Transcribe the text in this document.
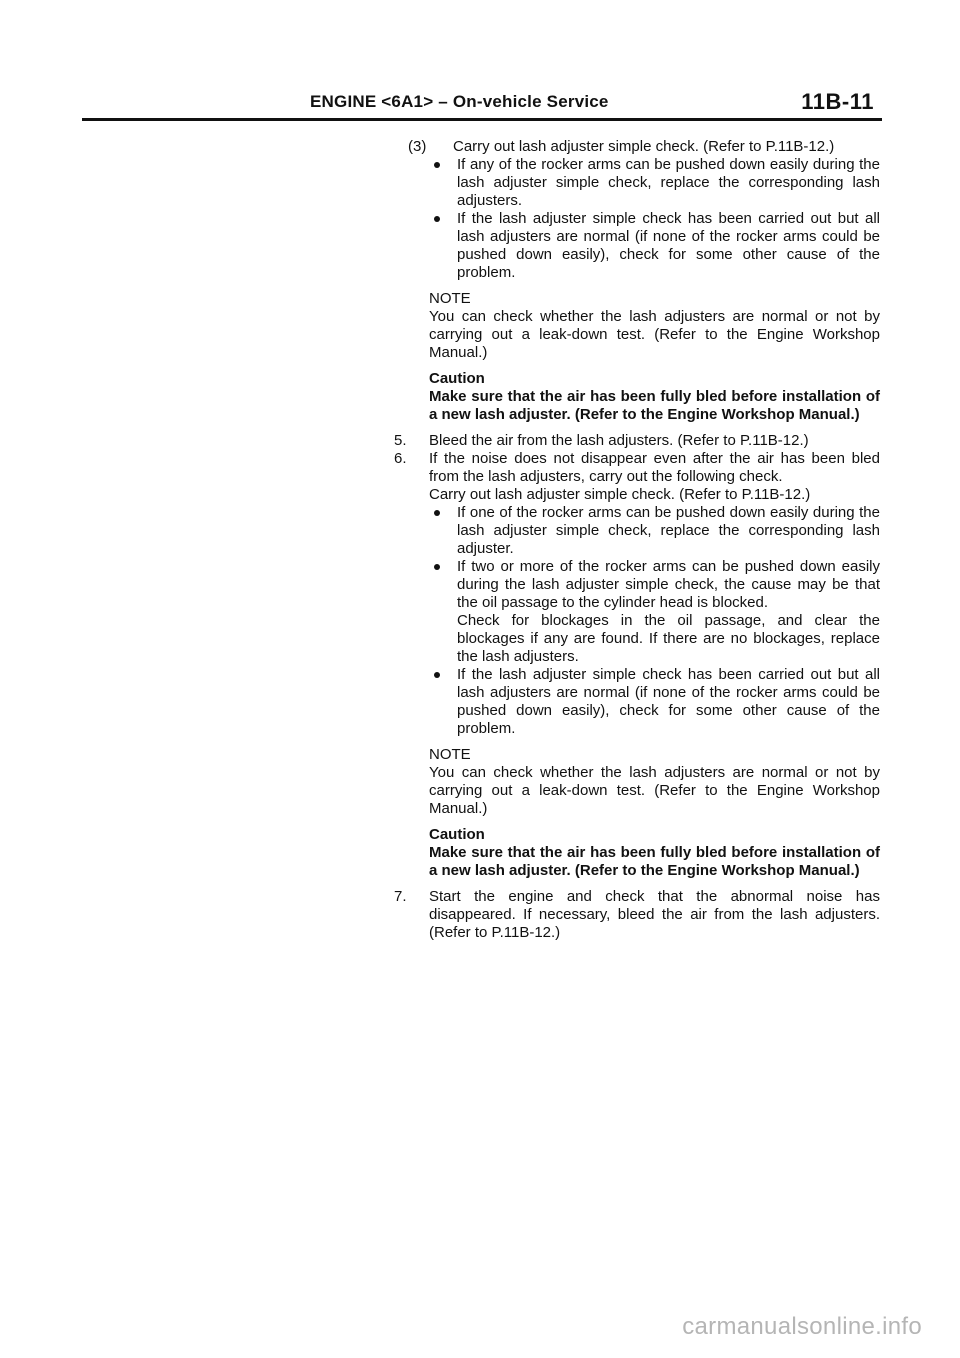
ENGINE <6A1> – On-vehicle Service	11B-11
(3)	Carry out lash adjuster simple check. (Refer to P.11B-12.)

If any of the rocker arms can be pushed down easily during the lash adjuster simple check, replace the corresponding lash adjusters.
If the lash adjuster simple check has been carried out but all lash adjusters are normal (if none of the rocker arms could be pushed down easily), check for some other cause of the problem.

NOTE

You can check whether the lash adjusters are normal or not by carrying out a leak-down test. (Refer to the Engine Workshop Manual.)

Caution

Make sure that the air has been fully bled before installation of a new lash adjuster. (Refer to the Engine Workshop Manual.)

5. Bleed the air from the lash adjusters. (Refer to P.11B-12.)

6. If the noise does not disappear even after the air has been bled from the lash adjusters, carry out the following check.

Carry out lash adjuster simple check. (Refer to P.11B-12.)

If one of the rocker arms can be pushed down easily during the lash adjuster simple check, replace the corresponding lash adjuster.
If two or more of the rocker arms can be pushed down easily during the lash adjuster simple check, the cause may be that the oil passage to the cylinder head is blocked.
Check for blockages in the oil passage, and clear the blockages if any are found. If there are no blockages, replace the lash adjusters.
If the lash adjuster simple check has been carried out but all lash adjusters are normal (if none of the rocker arms could be pushed down easily), check for some other cause of the problem.

NOTE

You can check whether the lash adjusters are normal or not by carrying out a leak-down test. (Refer to the Engine Workshop Manual.)

Caution

Make sure that the air has been fully bled before installation of a new lash adjuster. (Refer to the Engine Workshop Manual.)

7. Start the engine and check that the abnormal noise has disappeared. If necessary, bleed the air from the lash adjusters. (Refer to P.11B-12.)

carmanualsonline.info
